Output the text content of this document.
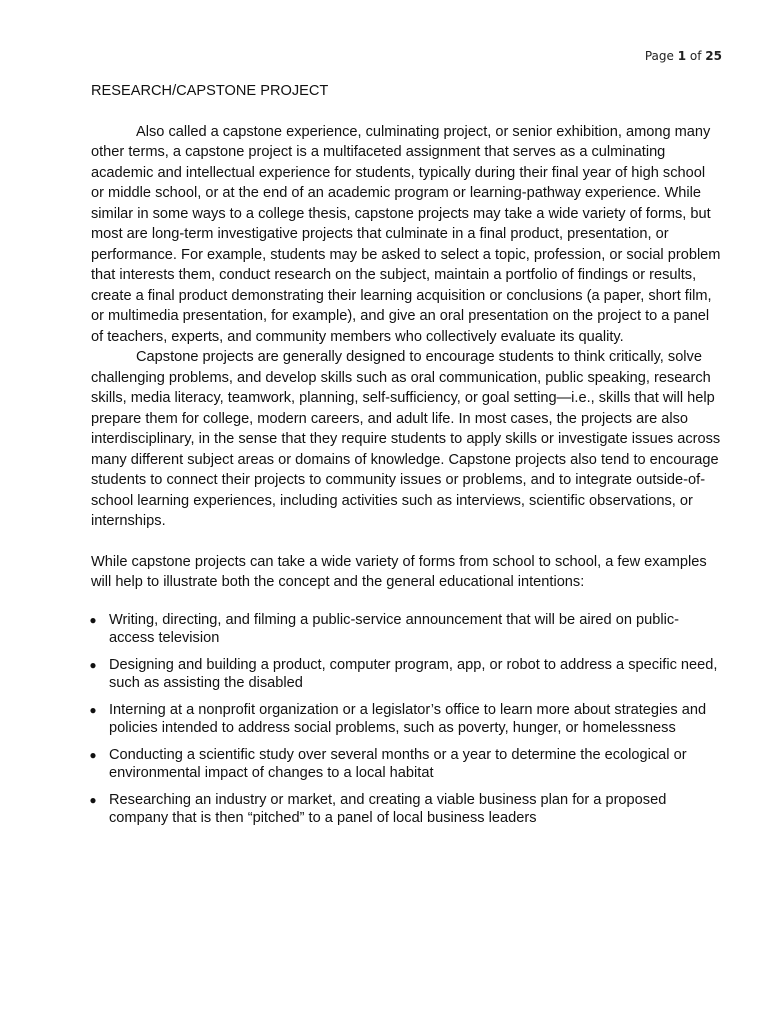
Page 1 of 25
RESEARCH/CAPSTONE PROJECT

Also called a capstone experience, culminating project, or senior exhibition, among many other terms, a capstone project is a multifaceted assignment that serves as a culminating academic and intellectual experience for students, typically during their final year of high school or middle school, or at the end of an academic program or learning-pathway experience. While similar in some ways to a college thesis, capstone projects may take a wide variety of forms, but most are long-term investigative projects that culminate in a final product, presentation, or performance. For example, students may be asked to select a topic, profession, or social problem that interests them, conduct research on the subject, maintain a portfolio of findings or results, create a final product demonstrating their learning acquisition or conclusions (a paper, short film, or multimedia presentation, for example), and give an oral presentation on the project to a panel of teachers, experts, and community members who collectively evaluate its quality.

Capstone projects are generally designed to encourage students to think critically, solve challenging problems, and develop skills such as oral communication, public speaking, research skills, media literacy, teamwork, planning, self-sufficiency, or goal setting—i.e., skills that will help prepare them for college, modern careers, and adult life. In most cases, the projects are also interdisciplinary, in the sense that they require students to apply skills or investigate issues across many different subject areas or domains of knowledge. Capstone projects also tend to encourage students to connect their projects to community issues or problems, and to integrate outside-of-school learning experiences, including activities such as interviews, scientific observations, or internships.

While capstone projects can take a wide variety of forms from school to school, a few examples will help to illustrate both the concept and the general educational intentions:

● Writing, directing, and filming a public-service announcement that will be aired on public-access television
● Designing and building a product, computer program, app, or robot to address a specific need, such as assisting the disabled
● Interning at a nonprofit organization or a legislator’s office to learn more about strategies and policies intended to address social problems, such as poverty, hunger, or homelessness
● Conducting a scientific study over several months or a year to determine the ecological or environmental impact of changes to a local habitat
● Researching an industry or market, and creating a viable business plan for a proposed company that is then “pitched” to a panel of local business leaders
